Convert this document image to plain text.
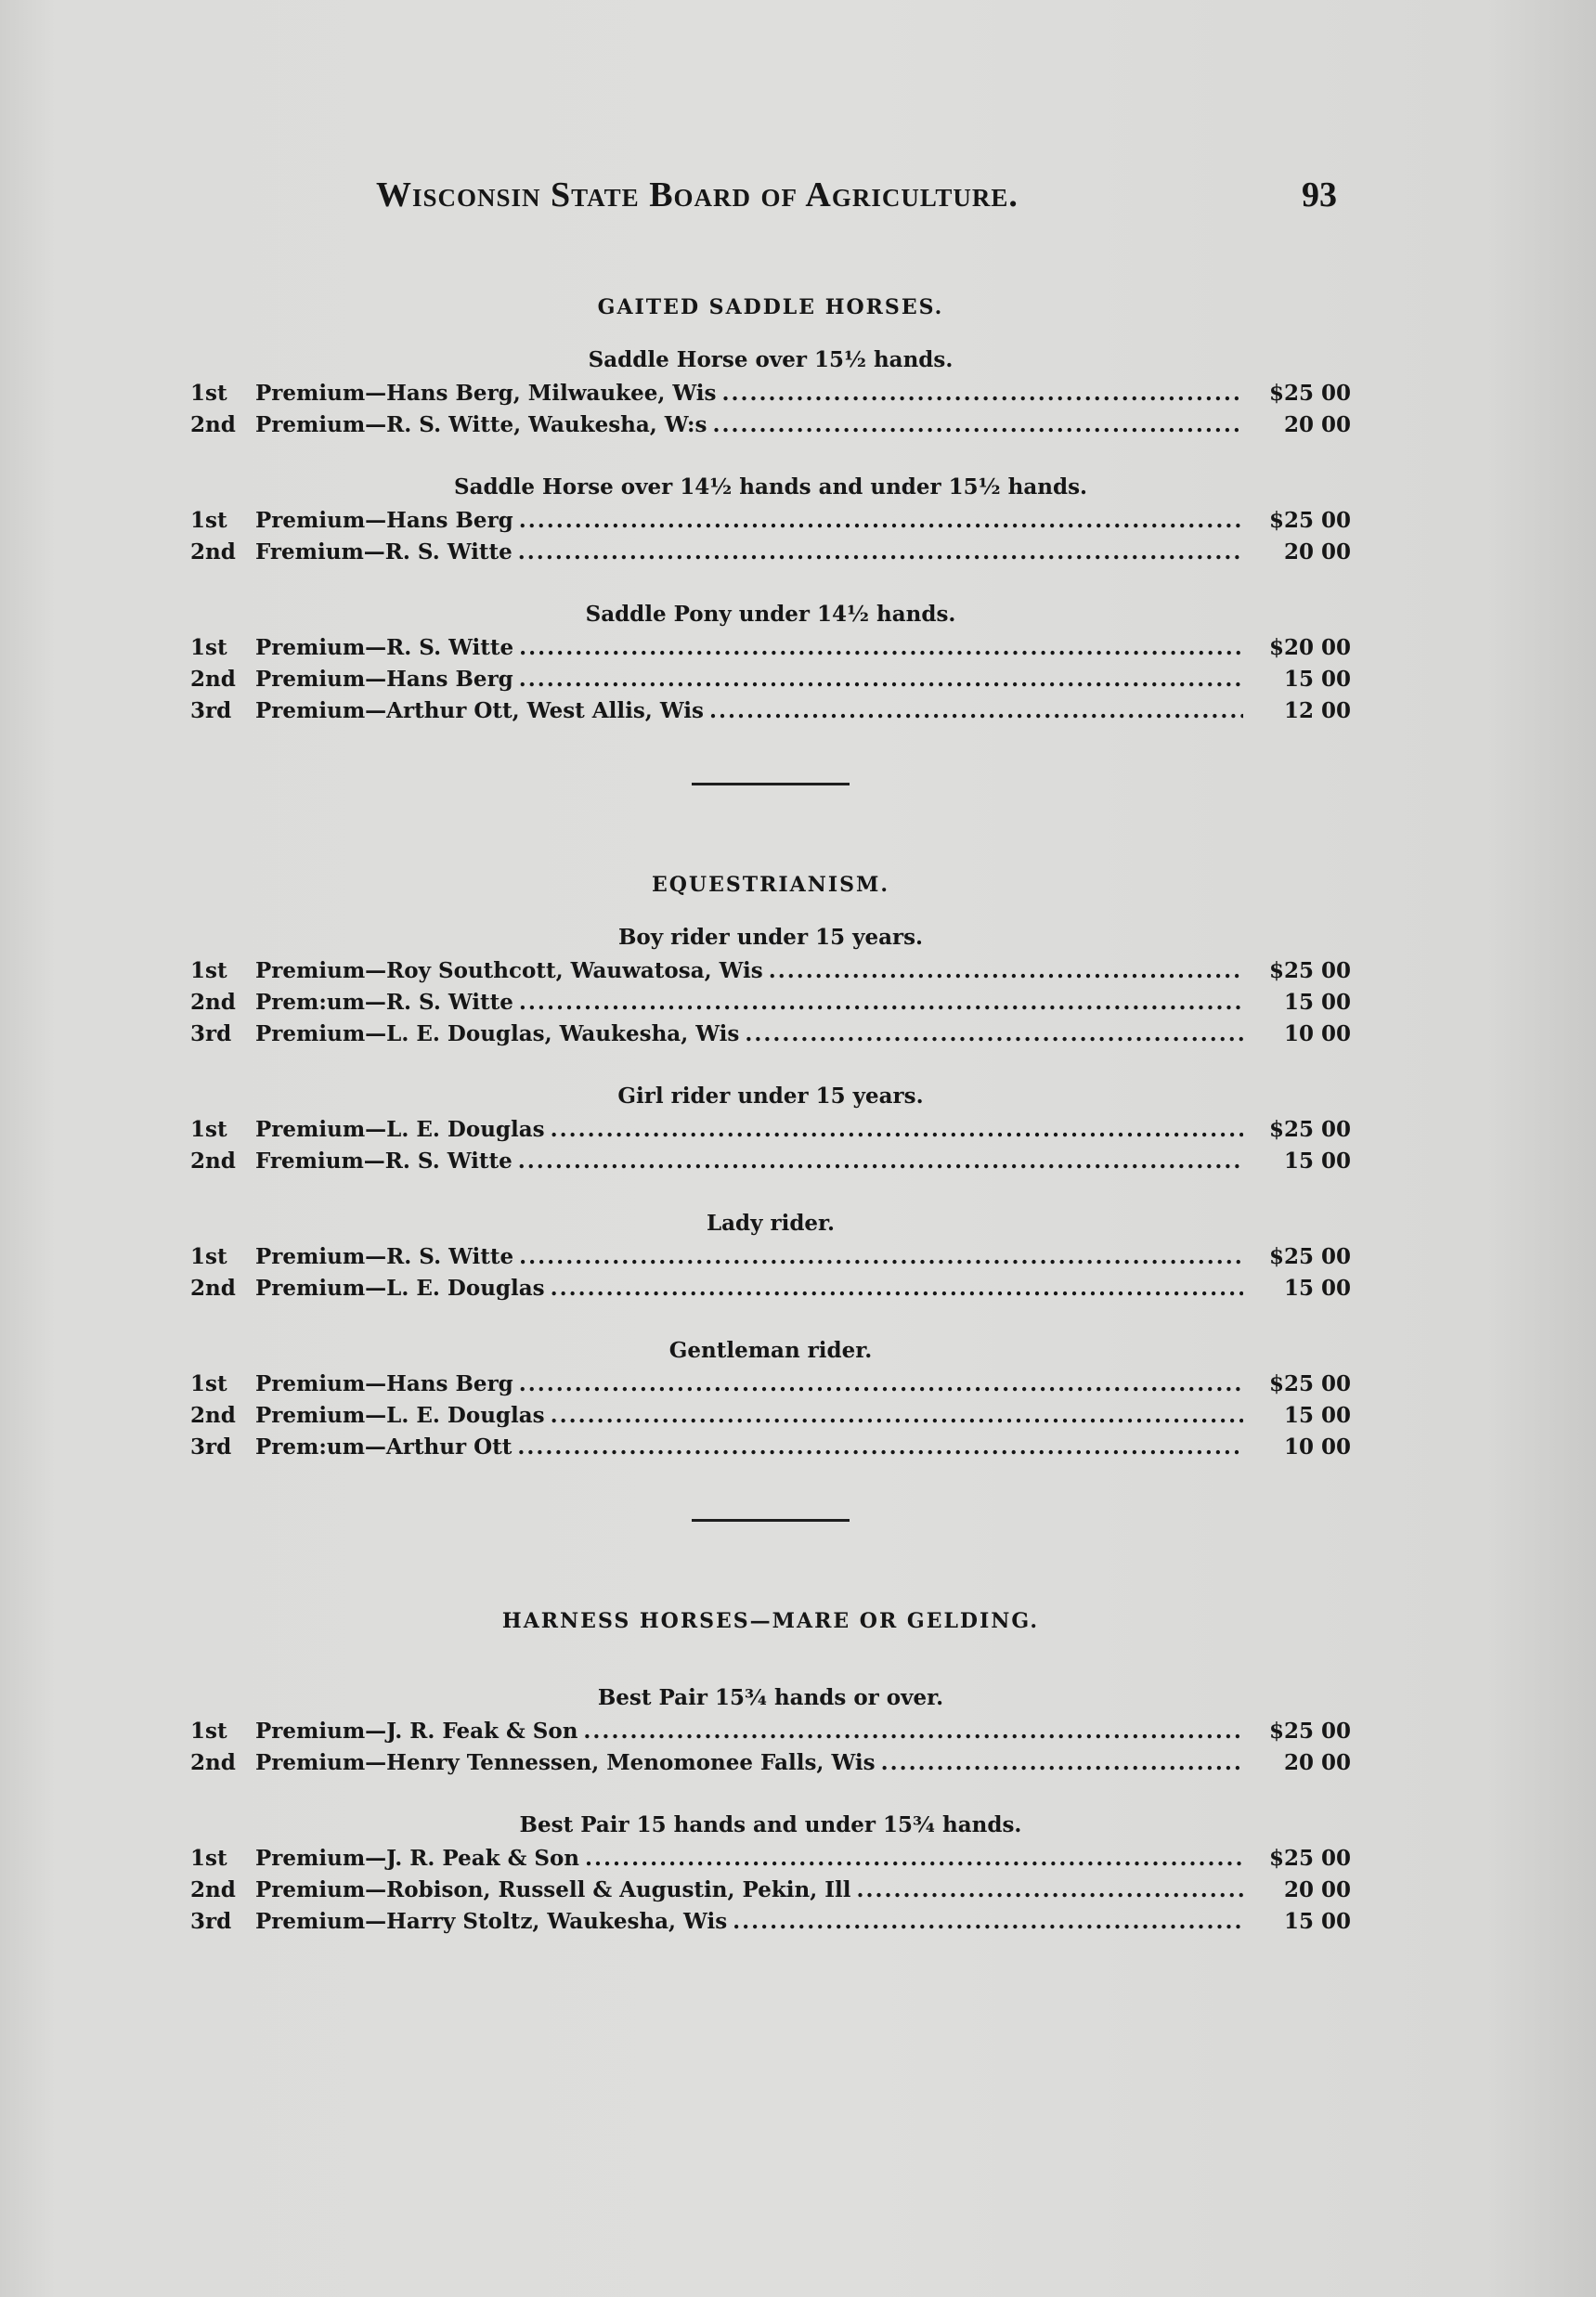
Wisconsin State Board of Agriculture.	93
GAITED SADDLE HORSES.
Saddle Horse over 15½ hands.
1st	Premium—Hans Berg, Milwaukee, Wis .....	$25 00
2nd Premium—R. S. Witte, Waukesha, W:s .....	20 00
Saddle Horse over 14½ hands and under 15½ hands.
1st	Premium—Hans Berg .....	$25 00
2nd Fremium—R. S. Witte .....	20 00
Saddle Pony under 14½ hands.
1st	Premium—R. S. Witte .....	$20 00
2nd Premium—Hans Berg .....	15 00
3rd	Premium—Arthur Ott, West Allis, Wis .....	12 00
EQUESTRIANISM.
Boy rider under 15 years.
1st	Premium—Roy Southcott, Wauwatosa, Wis .....	$25 00
2nd Prem:um—R. S. Witte .....	15 00
3rd	Premium—L. E. Douglas, Waukesha, Wis .....	10 00
Girl rider under 15 years.
1st	Premium—L. E. Douglas .....	$25 00
2nd Fremium—R. S. Witte .....	15 00
Lady rider.
1st	Premium—R. S. Witte .....	$25 00
2nd Premium—L. E. Douglas .....	15 00
Gentleman rider.
1st	Premium—Hans Berg .....	$25 00
2nd Premium—L. E. Douglas .....	15 00
3rd	Prem:um—Arthur Ott .....	10 00
HARNESS HORSES—MARE OR GELDING.
Best Pair 15¾ hands or over.
1st	Premium—J. R. Feak & Son .....	$25 00
2nd Premium—Henry Tennessen, Menomonee Falls, Wis .....	20 00
Best Pair 15 hands and under 15¾ hands.
1st	Premium—J. R. Peak & Son .....	$25 00
2nd Premium—Robison, Russell & Augustin, Pekin, Ill .....	20 00
3rd	Premium—Harry Stoltz, Waukesha, Wis .....	15 00
